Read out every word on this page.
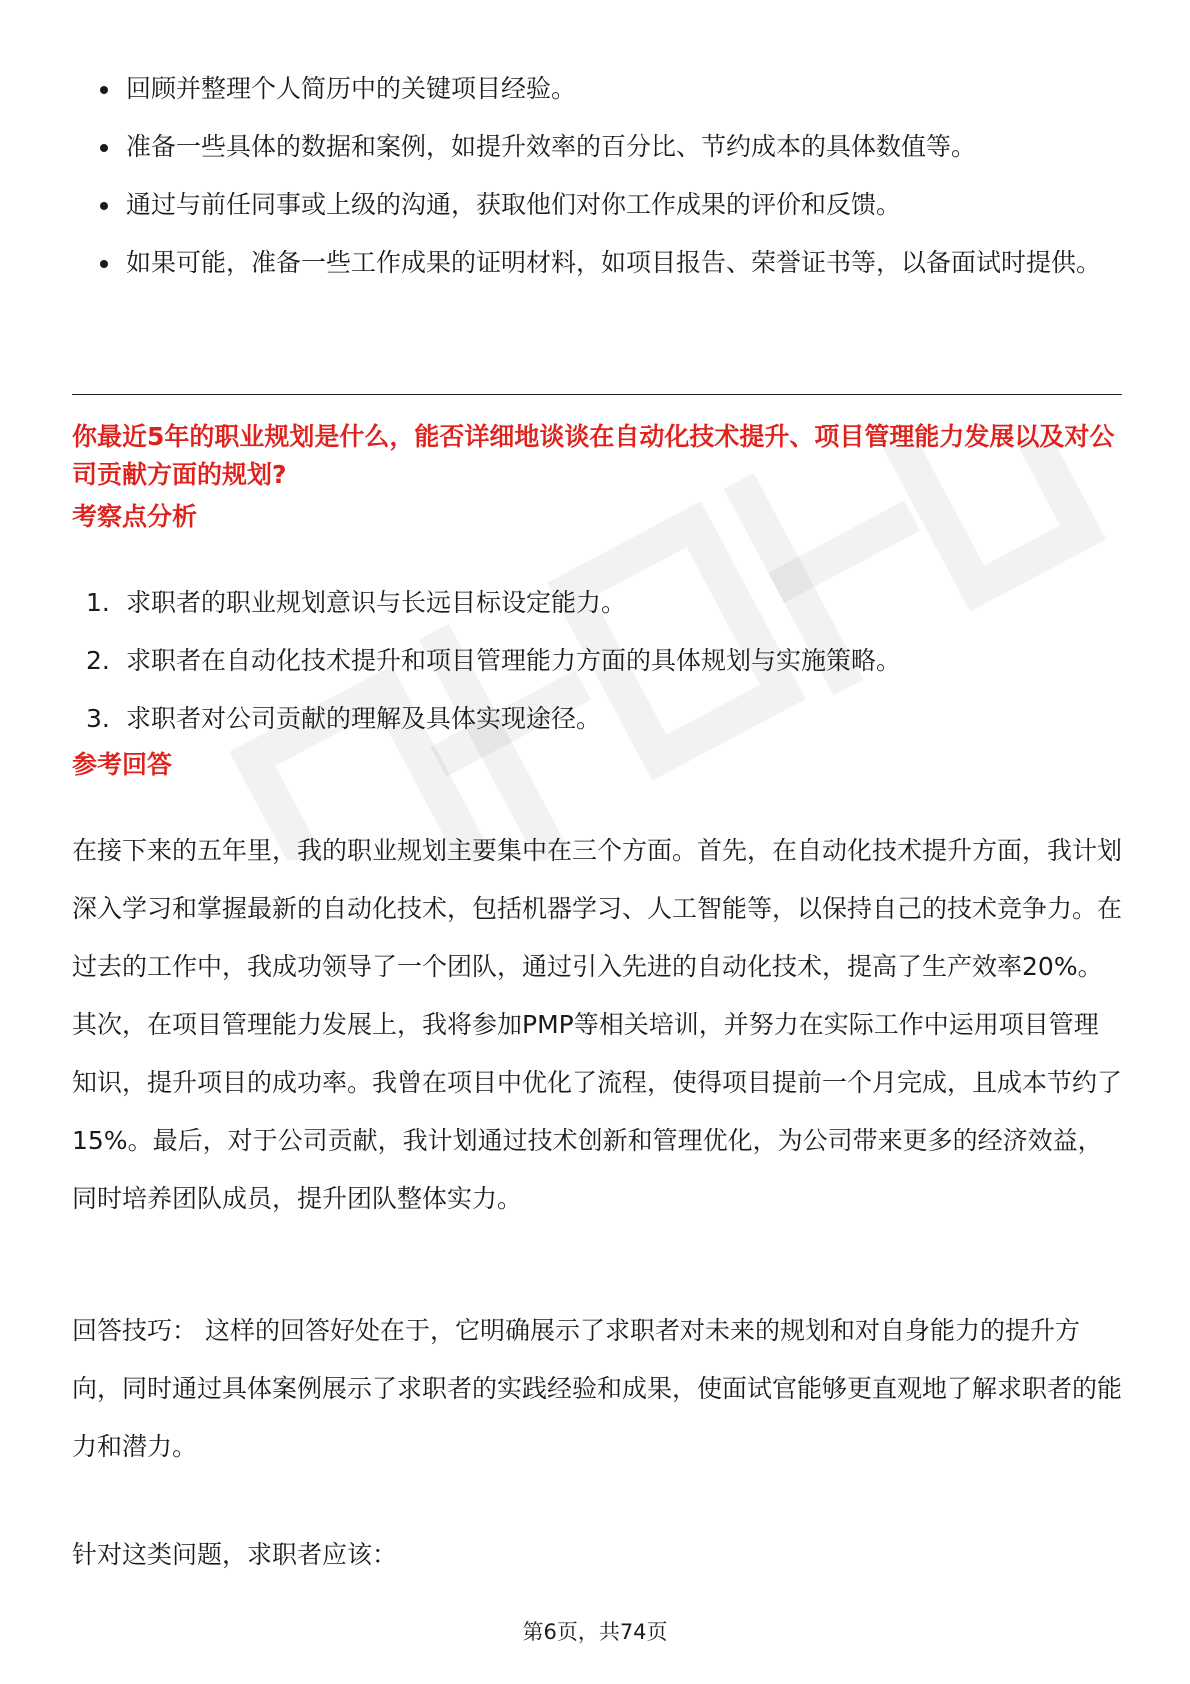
回顾并整理个人简历中的关键项目经验。
准备一些具体的数据和案例，如提升效率的百分比、节约成本的具体数值等。
通过与前任同事或上级的沟通，获取他们对你工作成果的评价和反馈。
如果可能，准备一些工作成果的证明材料，如项目报告、荣誉证书等，以备面试时提供。
你最近5年的职业规划是什么，能否详细地谈谈在自动化技术提升、项目管理能力发展以及对公司贡献方面的规划?
考察点分析
1. 求职者的职业规划意识与长远目标设定能力。
2. 求职者在自动化技术提升和项目管理能力方面的具体规划与实施策略。
3. 求职者对公司贡献的理解及具体实现途径。
参考回答

在接下来的五年里，我的职业规划主要集中在三个方面。首先，在自动化技术提升方面，我计划深入学习和掌握最新的自动化技术，包括机器学习、人工智能等，以保持自己的技术竞争力。在过去的工作中，我成功领导了一个团队，通过引入先进的自动化技术，提高了生产效率20%。其次，在项目管理能力发展上，我将参加PMP等相关培训，并努力在实际工作中运用项目管理知识，提升项目的成功率。我曾在项目中优化了流程，使得项目提前一个月完成，且成本节约了15%。最后，对于公司贡献，我计划通过技术创新和管理优化，为公司带来更多的经济效益，同时培养团队成员，提升团队整体实力。

回答技巧： 这样的回答好处在于，它明确展示了求职者对未来的规划和对自身能力的提升方向，同时通过具体案例展示了求职者的实践经验和成果，使面试官能够更直观地了解求职者的能力和潜力。

针对这类问题，求职者应该：

第6页，共74页
